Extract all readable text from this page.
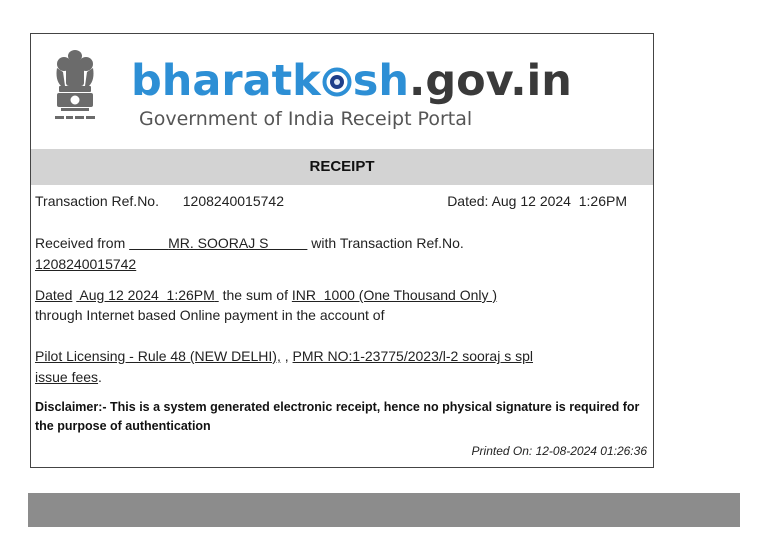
bharatk sh.gov.in
Government of India Receipt Portal
RECEIPT
Transaction Ref.No. 1208240015742	Dated: Aug 12 2024  1:26PM
Received from      	MR. SOORAJ S     	with Transaction Ref.No.
1208240015742
Dated Aug 12 2024  1:26PM the sum of INR  1000 (One Thousand Only )
through Internet based Online payment in the account of
Pilot Licensing - Rule 48 (NEW DELHI), , PMR NO:1-23775/2023/l-2 sooraj s spl
issue fees.
Disclaimer:- This is a system generated electronic receipt, hence no physical signature is required for the purpose of authentication
Printed On: 12-08-2024 01:26:36
